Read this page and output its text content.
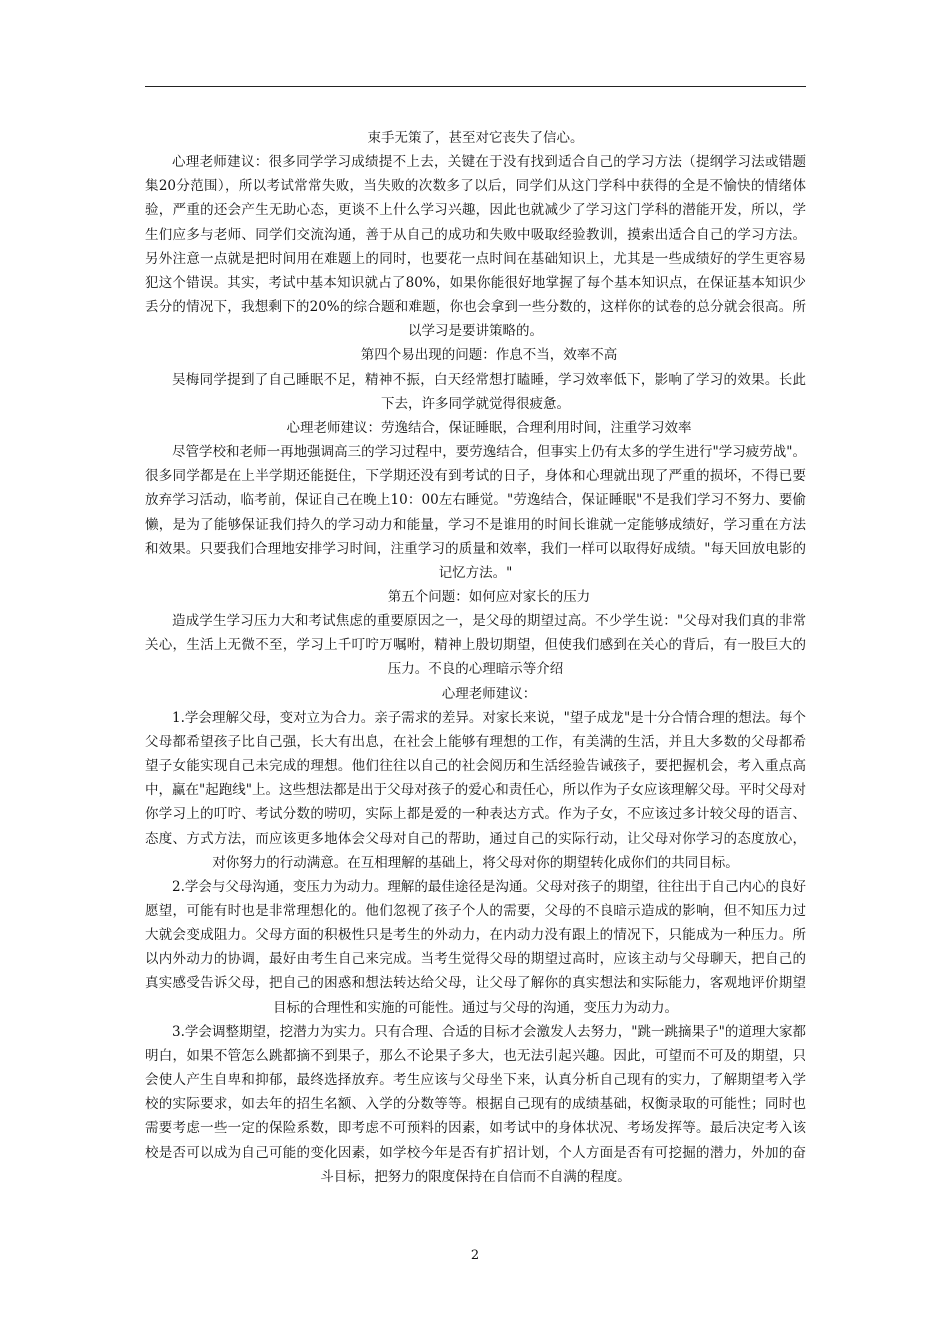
束手无策了，甚至对它丧失了信心。

心理老师建议：很多同学学习成绩提不上去，关键在于没有找到适合自己的学习方法（提纲学习法或错题集20分范围），所以考试常常失败，当失败的次数多了以后，同学们从这门学科中获得的全是不愉快的情绪体验，严重的还会产生无助心态，更谈不上什么学习兴趣，因此也就减少了学习这门学科的潜能开发，所以，学生们应多与老师、同学们交流沟通，善于从自己的成功和失败中吸取经验教训，摸索出适合自己的学习方法。另外注意一点就是把时间用在难题上的同时，也要花一点时间在基础知识上，尤其是一些成绩好的学生更容易犯这个错误。其实，考试中基本知识就占了80%，如果你能很好地掌握了每个基本知识点，在保证基本知识少丢分的情况下，我想剩下的20%的综合题和难题，你也会拿到一些分数的，这样你的试卷的总分就会很高。所以学习是要讲策略的。

第四个易出现的问题：作息不当，效率不高

吴梅同学提到了自己睡眠不足，精神不振，白天经常想打瞌睡，学习效率低下，影响了学习的效果。长此下去，许多同学就觉得很疲惫。

心理老师建议：劳逸结合，保证睡眠，合理利用时间，注重学习效率

尽管学校和老师一再地强调高三的学习过程中，要劳逸结合，但事实上仍有太多的学生进行"学习疲劳战"。很多同学都是在上半学期还能挺住，下学期还没有到考试的日子，身体和心理就出现了严重的损坏，不得已要放弃学习活动，临考前，保证自己在晚上10：00左右睡觉。"劳逸结合，保证睡眠"不是我们学习不努力、要偷懒，是为了能够保证我们持久的学习动力和能量，学习不是谁用的时间长谁就一定能够成绩好，学习重在方法和效果。只要我们合理地安排学习时间，注重学习的质量和效率，我们一样可以取得好成绩。"每天回放电影的记忆方法。"

第五个问题：如何应对家长的压力

造成学生学习压力大和考试焦虑的重要原因之一，是父母的期望过高。不少学生说："父母对我们真的非常关心，生活上无微不至，学习上千叮咛万嘱咐，精神上殷切期望，但使我们感到在关心的背后，有一股巨大的压力。不良的心理暗示等介绍

心理老师建议：

1.学会理解父母，变对立为合力。亲子需求的差异。对家长来说，"望子成龙"是十分合情合理的想法。每个父母都希望孩子比自己强，长大有出息，在社会上能够有理想的工作，有美满的生活，并且大多数的父母都希望子女能实现自己未完成的理想。他们往往以自己的社会阅历和生活经验告诫孩子，要把握机会，考入重点高中，赢在"起跑线"上。这些想法都是出于父母对孩子的爱心和责任心，所以作为子女应该理解父母。平时父母对你学习上的叮咛、考试分数的唠叨，实际上都是爱的一种表达方式。作为子女，不应该过多计较父母的语言、态度、方式方法，而应该更多地体会父母对自己的帮助，通过自己的实际行动，让父母对你学习的态度放心，对你努力的行动满意。在互相理解的基础上，将父母对你的期望转化成你们的共同目标。

2.学会与父母沟通，变压力为动力。理解的最佳途径是沟通。父母对孩子的期望，往往出于自己内心的良好愿望，可能有时也是非常理想化的。他们忽视了孩子个人的需要，父母的不良暗示造成的影响，但不知压力过大就会变成阻力。父母方面的积极性只是考生的外动力，在内动力没有跟上的情况下，只能成为一种压力。所以内外动力的协调，最好由考生自己来完成。当考生觉得父母的期望过高时，应该主动与父母聊天，把自己的真实感受告诉父母，把自己的困惑和想法转达给父母，让父母了解你的真实想法和实际能力，客观地评价期望目标的合理性和实施的可能性。通过与父母的沟通，变压力为动力。

3.学会调整期望，挖潜力为实力。只有合理、合适的目标才会激发人去努力，"跳一跳摘果子"的道理大家都明白，如果不管怎么跳都摘不到果子，那么不论果子多大，也无法引起兴趣。因此，可望而不可及的期望，只会使人产生自卑和抑郁，最终选择放弃。考生应该与父母坐下来，认真分析自己现有的实力，了解期望考入学校的实际要求，如去年的招生名额、入学的分数等等。根据自己现有的成绩基础，权衡录取的可能性；同时也需要考虑一些一定的保险系数，即考虑不可预料的因素，如考试中的身体状况、考场发挥等。最后决定考入该校是否可以成为自己可能的变化因素，如学校今年是否有扩招计划，个人方面是否有可挖掘的潜力，外加的奋斗目标，把努力的限度保持在自信而不自满的程度。

2
